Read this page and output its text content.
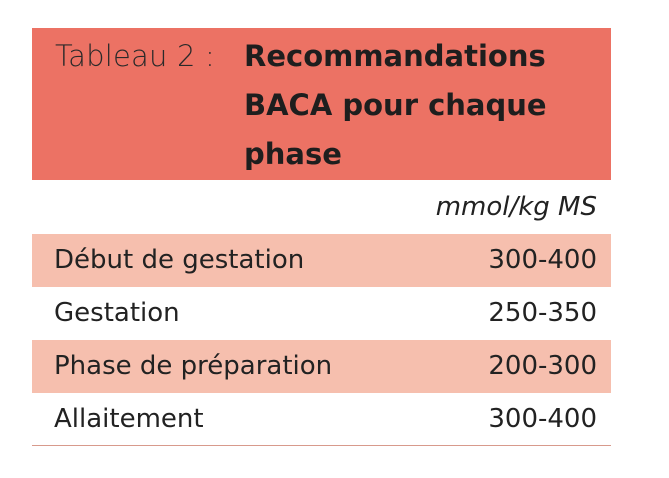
Tableau 2 : Recommandations BACA pour chaque phase
mmol/kg MS
Début de gestation	300-400
Gestation	250-350
Phase de préparation	200-300
Allaitement	300-400
